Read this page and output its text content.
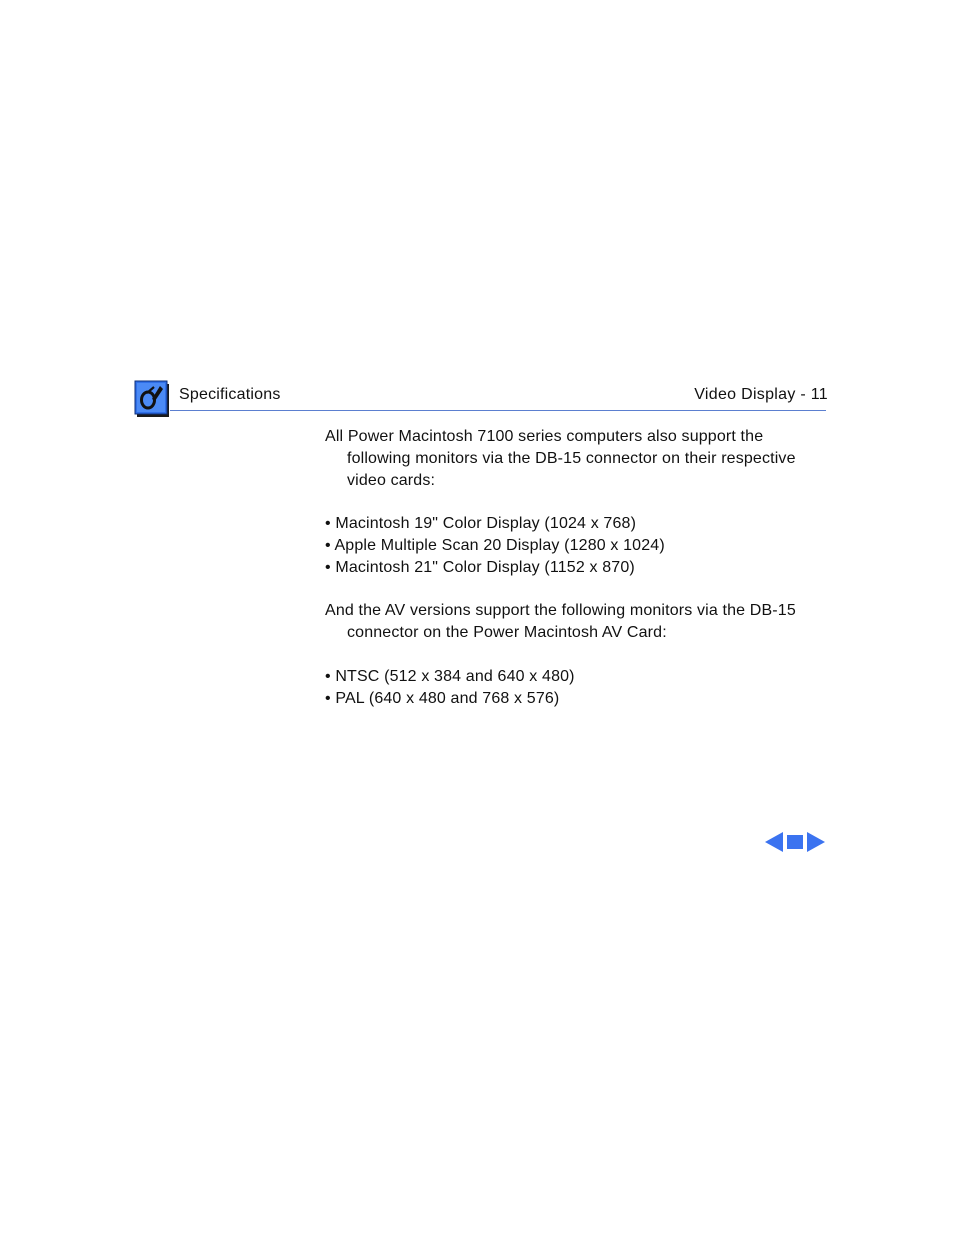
Specifications	Video Display - 11

All Power Macintosh 7100 series computers also support the following monitors via the DB-15 connector on their respective video cards:

• Macintosh 19" Color Display (1024 x 768)
• Apple Multiple Scan 20 Display (1280 x 1024)
• Macintosh 21" Color Display (1152 x 870)

And the AV versions support the following monitors via the DB-15 connector on the Power Macintosh AV Card:

• NTSC (512 x 384 and 640 x 480)
• PAL (640 x 480 and 768 x 576)
